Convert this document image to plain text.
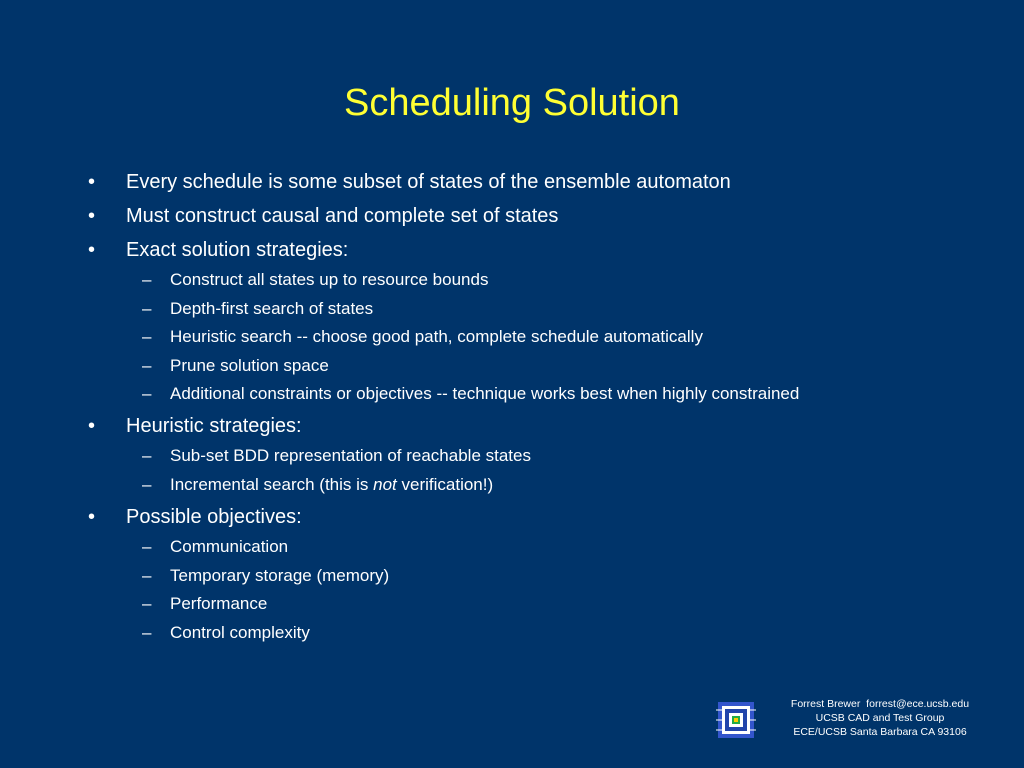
Scheduling Solution
• Every schedule is some subset of states of the ensemble automaton
• Must construct causal and complete set of states
• Exact solution strategies:
– Construct all states up to resource bounds
– Depth-first search of states
– Heuristic search -- choose good path, complete schedule automatically
– Prune solution space
– Additional constraints or objectives -- technique works best when highly constrained
• Heuristic strategies:
– Sub-set BDD representation of reachable states
– Incremental search (this is not verification!)
• Possible objectives:
– Communication
– Temporary storage (memory)
– Performance
– Control complexity
Forrest Brewer  forrest@ece.ucsb.edu
UCSB CAD and Test Group
ECE/UCSB Santa Barbara CA 93106
